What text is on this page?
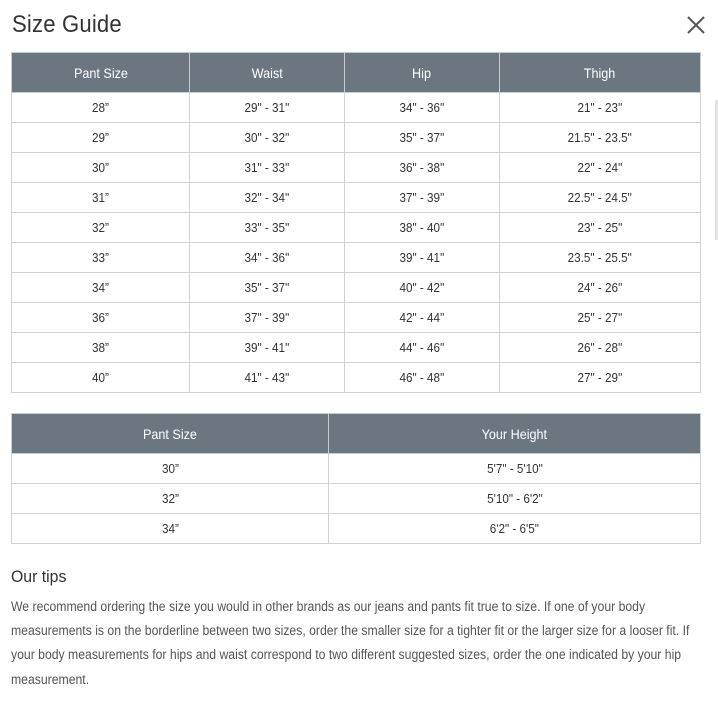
Size Guide
Pant Size	Waist	Hip	Thigh
28”	29" - 31"	34" - 36"	21" - 23"
29”	30" - 32"	35" - 37"	21.5" - 23.5"
30”	31" - 33"	36" - 38"	22" - 24"
31”	32" - 34"	37" - 39"	22.5" - 24.5"
32”	33" - 35"	38" - 40"	23" - 25"
33”	34" - 36"	39" - 41"	23.5" - 25.5"
34”	35" - 37"	40" - 42"	24" - 26"
36”	37" - 39"	42" - 44"	25" - 27"
38”	39" - 41"	44" - 46"	26" - 28"
40”	41" - 43"	46" - 48"	27" - 29"
Pant Size	Your Height
30”	5'7" - 5'10"
32”	5'10" - 6'2"
34”	6'2" - 6'5"
Our tips

We recommend ordering the size you would in other brands as our jeans and pants fit true to size. If one of your body measurements is on the borderline between two sizes, order the smaller size for a tighter fit or the larger size for a looser fit. If your body measurements for hips and waist correspond to two different suggested sizes, order the one indicated by your hip measurement.
